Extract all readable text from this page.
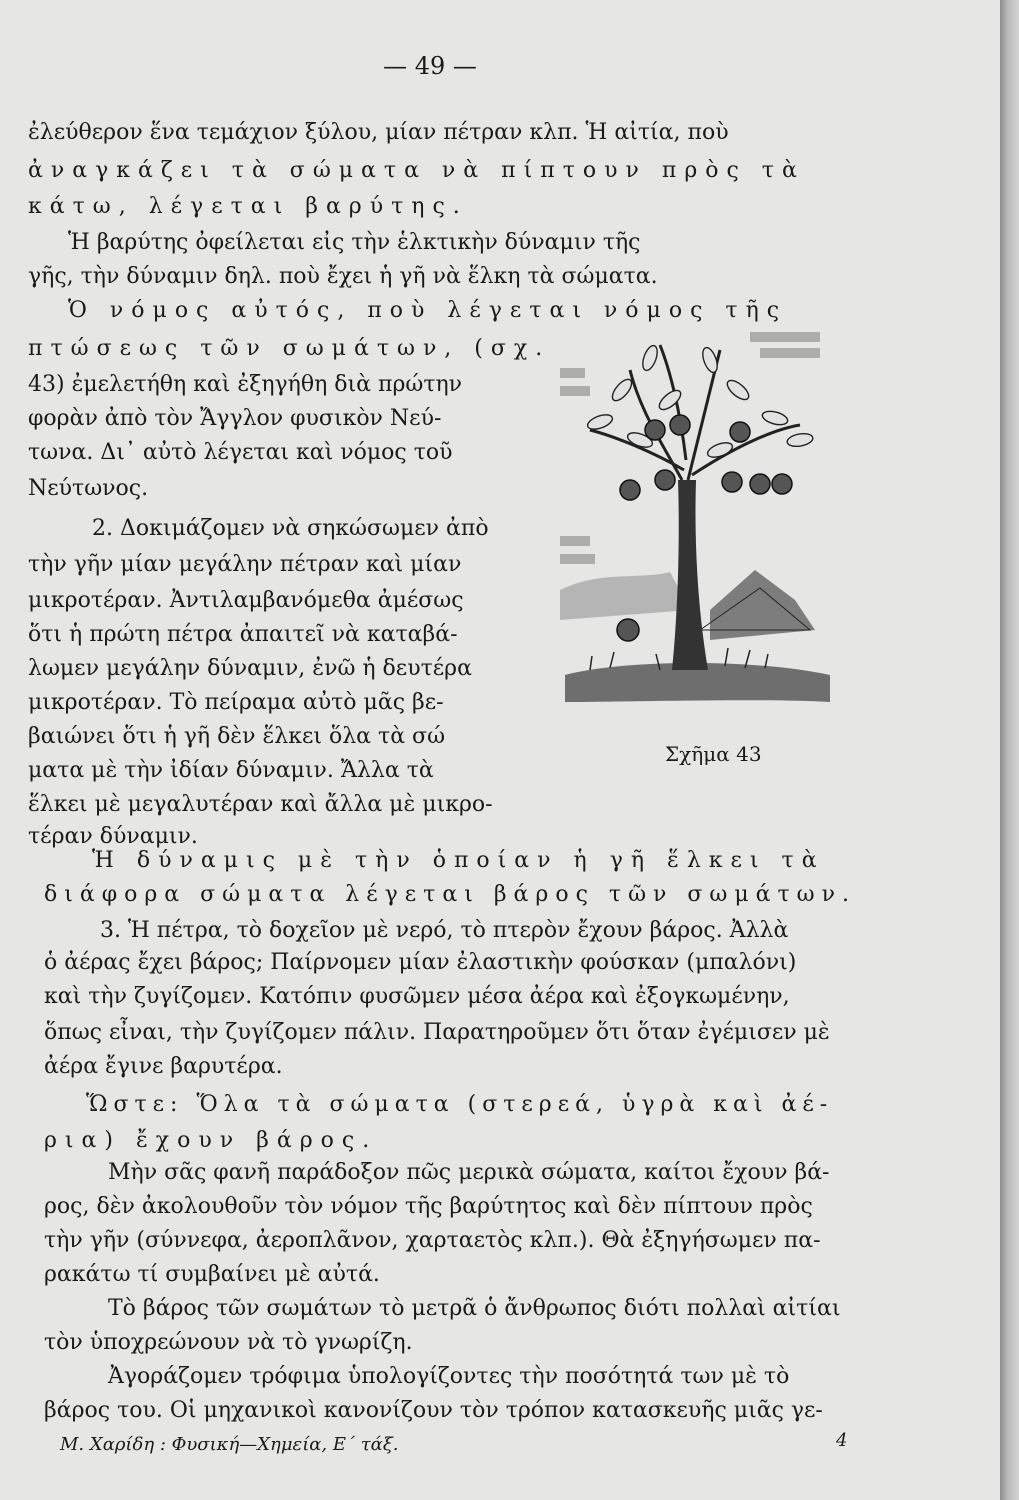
— 49 —
ἐλεύθερον ἕνα τεμάχιον ξύλου, μίαν πέτραν κλπ. Ἡ αἰτία, ποὺ
ἀναγκάζει τὰ σώματα νὰ πίπτουν πρὸς τὰ
κάτω, λέγεται βαρύτης.
Ἡ βαρύτης ὀφείλεται εἰς τὴν ἑλκτικὴν δύναμιν τῆς
γῆς, τὴν δύναμιν δηλ. ποὺ ἔχει ἡ γῆ νὰ ἕλκη τὰ σώματα.
Ὁ νόμος αὐτός, ποὺ λέγεται νόμος τῆς
πτώσεως τῶν σωμάτων, (σχ.
43) ἐμελετήθη καὶ ἐξηγήθη διὰ πρώτην
φορὰν ἀπὸ τὸν Ἄγγλον φυσικὸν Νεύ-
τωνα. Δι᾿ αὐτὸ λέγεται καὶ νόμος τοῦ
Νεύτωνος.
2. Δοκιμάζομεν νὰ σηκώσωμεν ἀπὸ
τὴν γῆν μίαν μεγάλην πέτραν καὶ μίαν
μικροτέραν. Ἀντιλαμβανόμεθα ἀμέσως
ὅτι ἡ πρώτη πέτρα ἀπαιτεῖ νὰ καταβά-
λωμεν μεγάλην δύναμιν, ἐνῶ ἡ δευτέρα
μικροτέραν. Τὸ πείραμα αὐτὸ μᾶς βε-
βαιώνει ὅτι ἡ γῆ δὲν ἕλκει ὅλα τὰ σώ
ματα μὲ τὴν ἰδίαν δύναμιν. Ἄλλα τὰ
ἕλκει μὲ μεγαλυτέραν καὶ ἄλλα μὲ μικρο-
τέραν δύναμιν.
Ἡ δύναμις μὲ τὴν ὁποίαν ἡ γῆ ἕλκει τὰ
διάφορα σώματα λέγεται βάρος τῶν σωμάτων.
3. Ἡ πέτρα, τὸ δοχεῖον μὲ νερό, τὸ πτερὸν ἔχουν βάρος. Ἀλλὰ
ὁ ἀέρας ἔχει βάρος; Παίρνομεν μίαν ἐλαστικὴν φούσκαν (μπαλόνι)
καὶ τὴν ζυγίζομεν. Κατόπιν φυσῶμεν μέσα ἀέρα καὶ ἐξογκωμένην,
ὅπως εἶναι, τὴν ζυγίζομεν πάλιν. Παρατηροῦμεν ὅτι ὅταν ἐγέμισεν μὲ
ἀέρα ἔγινε βαρυτέρα.
Ὥστε: Ὅλα τὰ σώματα (στερεά, ὑγρὰ καὶ ἀέ-
ρια) ἔχουν βάρος.
Μὴν σᾶς φανῆ παράδοξον πῶς μερικὰ σώματα, καίτοι ἔχουν βά-
ρος, δὲν ἀκολουθοῦν τὸν νόμον τῆς βαρύτητος καὶ δὲν πίπτουν πρὸς
τὴν γῆν (σύννεφα, ἀεροπλᾶνον, χαρταετὸς κλπ.). Θὰ ἐξηγήσωμεν πα-
ρακάτω τί συμβαίνει μὲ αὐτά.
Τὸ βάρος τῶν σωμάτων τὸ μετρᾶ ὁ ἄνθρωπος διότι πολλαὶ αἰτίαι
τὸν ὑποχρεώνουν νὰ τὸ γνωρίζη.
Ἀγοράζομεν τρόφιμα ὑπολογίζοντες τὴν ποσότητά των μὲ τὸ
βάρος του. Οἱ μηχανικοὶ κανονίζουν τὸν τρόπον κατασκευῆς μιᾶς γε-
Σχῆμα 43
Μ. Χαρίδη : Φυσική—Χημεία, Ε΄ τάξ.	4
